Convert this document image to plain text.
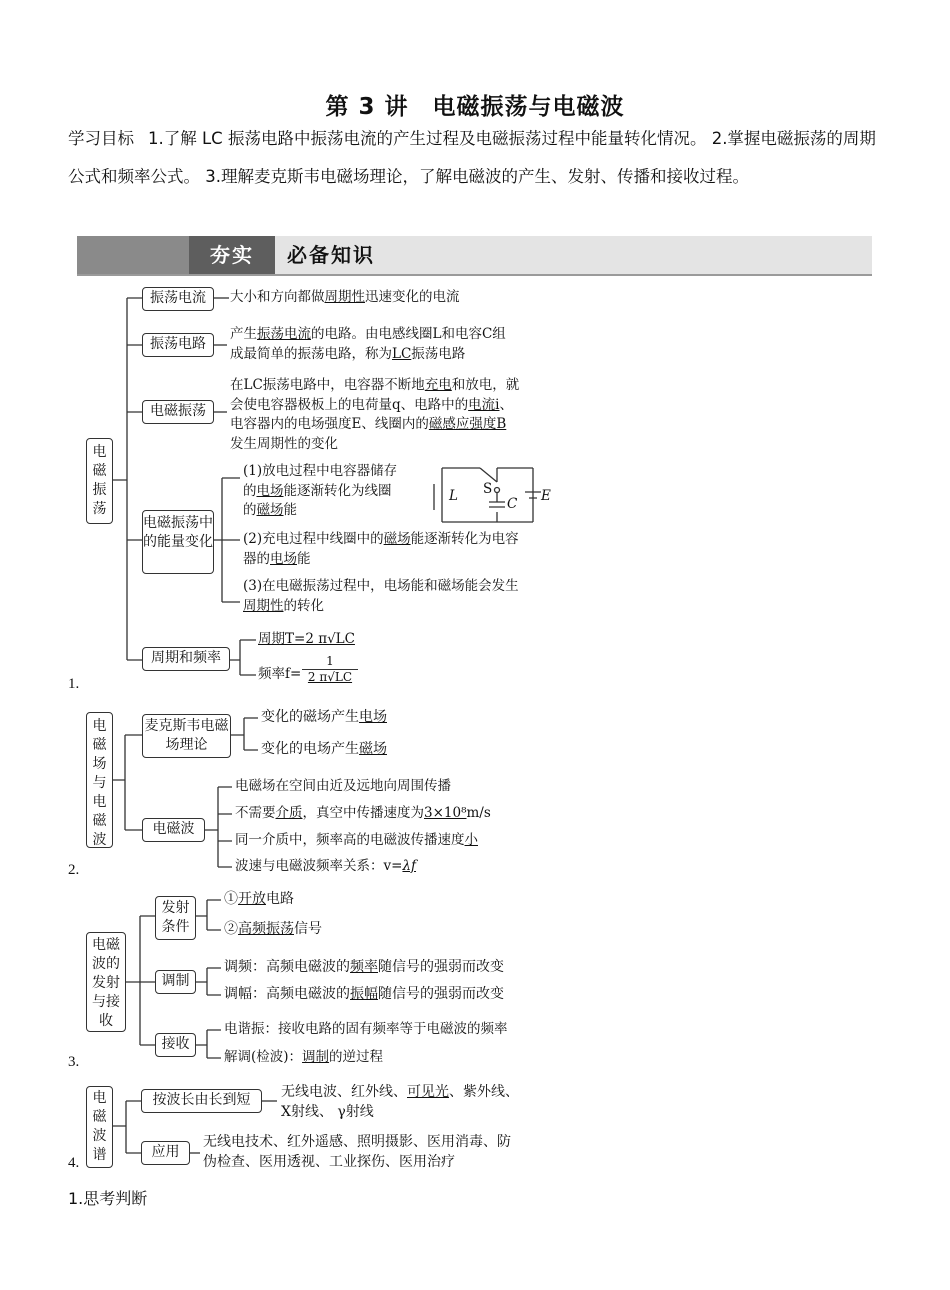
第 3 讲　电磁振荡与电磁波
学习目标 1.了解 LC 振荡电路中振荡电流的产生过程及电磁振荡过程中能量转化情况。 2.掌握电磁振荡的周期公式和频率公式。 3.理解麦克斯韦电磁场理论，了解电磁波的产生、发射、传播和接收过程。
夯实	必备知识
电磁振荡
振荡电流	大小和方向都做周期性迅速变化的电流
振荡电路
产生振荡电流的电路。由电感线圈L和电容C组
成最简单的振荡电路，称为LC振荡电路
电磁振荡
在LC振荡电路中，电容器不断地充电和放电，就
会使电容器极板上的电荷量q、电路中的电流i、
电容器内的电场强度E、线圈内的磁感应强度B
发生周期性的变化
电磁振荡中的能量变化
(1)放电过程中电容器储存
的电场能逐渐转化为线圈
的磁场能
L S
C E
(2)充电过程中线圈中的磁场能逐渐转化为电容
器的电场能
(3)在电磁振荡过程中，电场能和磁场能会发生
周期性的转化
周期和频率
周期T=2 π√LC
频率f=
1
2 π√LC
1.
电磁场与电磁波
麦克斯韦电磁场理论
变化的磁场产生电场
变化的电场产生磁场
电磁波
电磁场在空间由近及远地向周围传播
不需要介质，真空中传播速度为3×10⁸m/s
同一介质中，频率高的电磁波传播速度小
波速与电磁波频率关系：v=λf
2.
电磁波的发射与接收
发射条件
①开放电路
②高频振荡信号
调制
调频：高频电磁波的频率随信号的强弱而改变
调幅：高频电磁波的振幅随信号的强弱而改变
接收
电谐振：接收电路的固有频率等于电磁波的频率
解调(检波)：调制的逆过程
3.
电磁波谱
按波长由长到短	无线电波、红外线、可见光、紫外线、
X射线、 γ射线
应用
无线电技术、红外遥感、照明摄影、医用消毒、防
伪检查、医用透视、工业探伤、医用治疗
4.
1.思考判断
